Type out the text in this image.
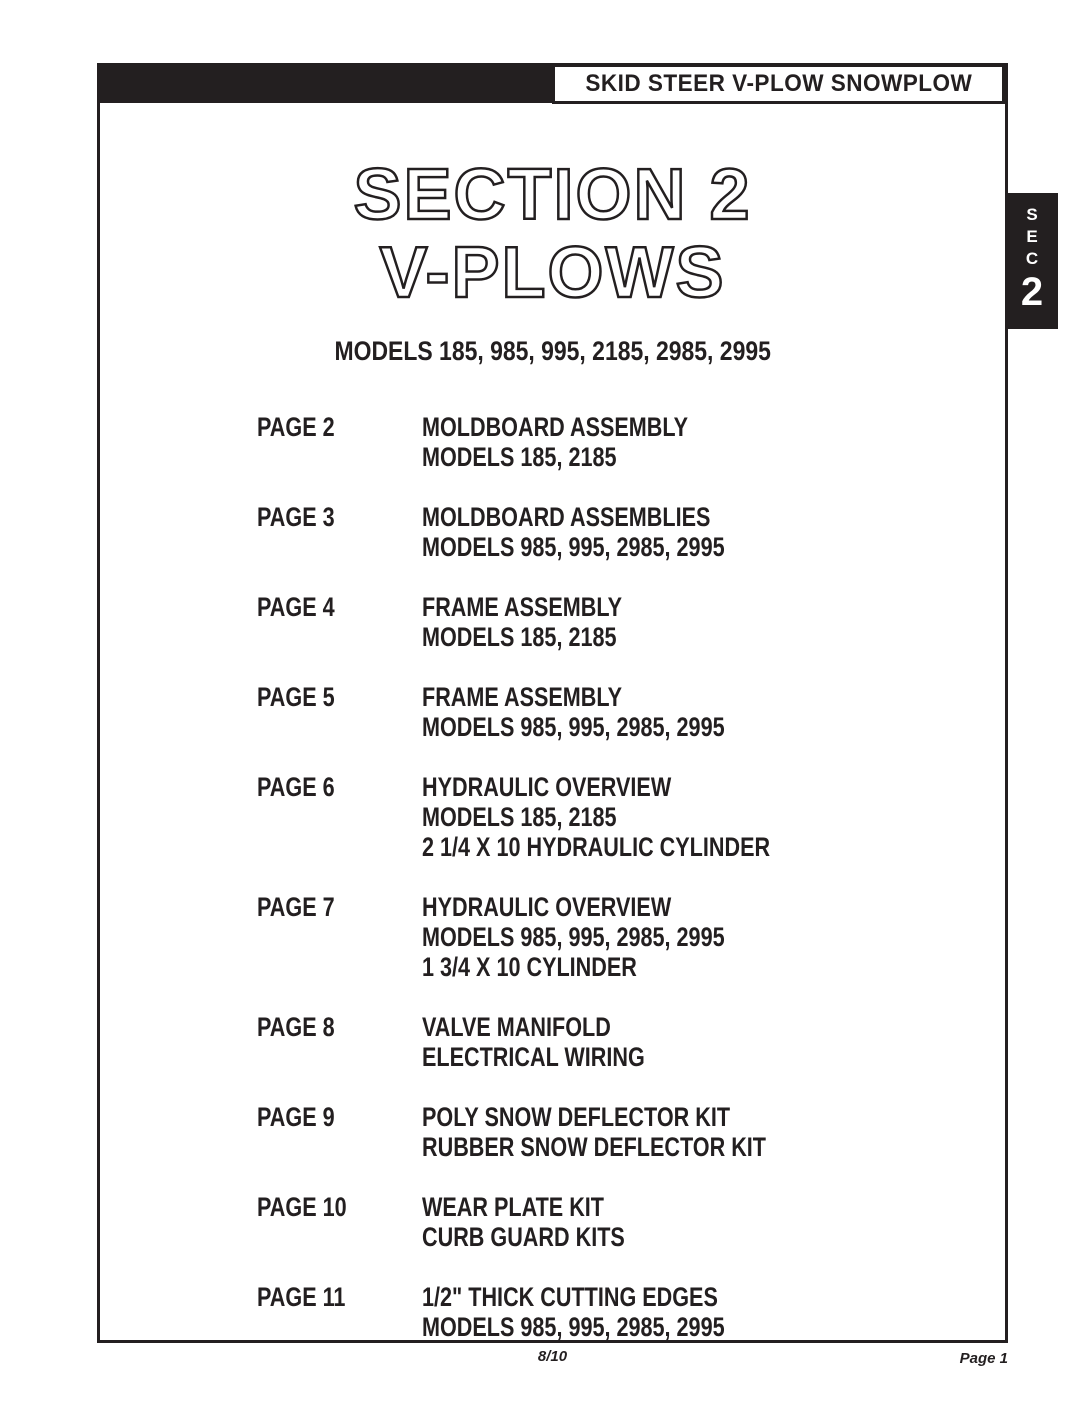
SKID STEER V-PLOW SNOWPLOW
S
E
C
2
SECTION 2
V-PLOWS
MODELS 185, 985, 995, 2185, 2985, 2995
PAGE 2	MOLDBOARD ASSEMBLY
MODELS 185, 2185
PAGE 3	MOLDBOARD ASSEMBLIES
MODELS 985, 995, 2985, 2995
PAGE 4	FRAME ASSEMBLY
MODELS 185, 2185
PAGE 5	FRAME ASSEMBLY
MODELS 985, 995, 2985, 2995
PAGE 6	HYDRAULIC OVERVIEW
MODELS 185, 2185
2 1/4 X 10 HYDRAULIC CYLINDER
PAGE 7	HYDRAULIC OVERVIEW
MODELS 985, 995, 2985, 2995
1 3/4 X 10 CYLINDER
PAGE 8	VALVE MANIFOLD
ELECTRICAL WIRING
PAGE 9	POLY SNOW DEFLECTOR KIT
RUBBER SNOW DEFLECTOR KIT
PAGE 10	WEAR PLATE KIT
CURB GUARD KITS
PAGE 11	1/2" THICK CUTTING EDGES
MODELS 985, 995, 2985, 2995
8/10	Page 1
